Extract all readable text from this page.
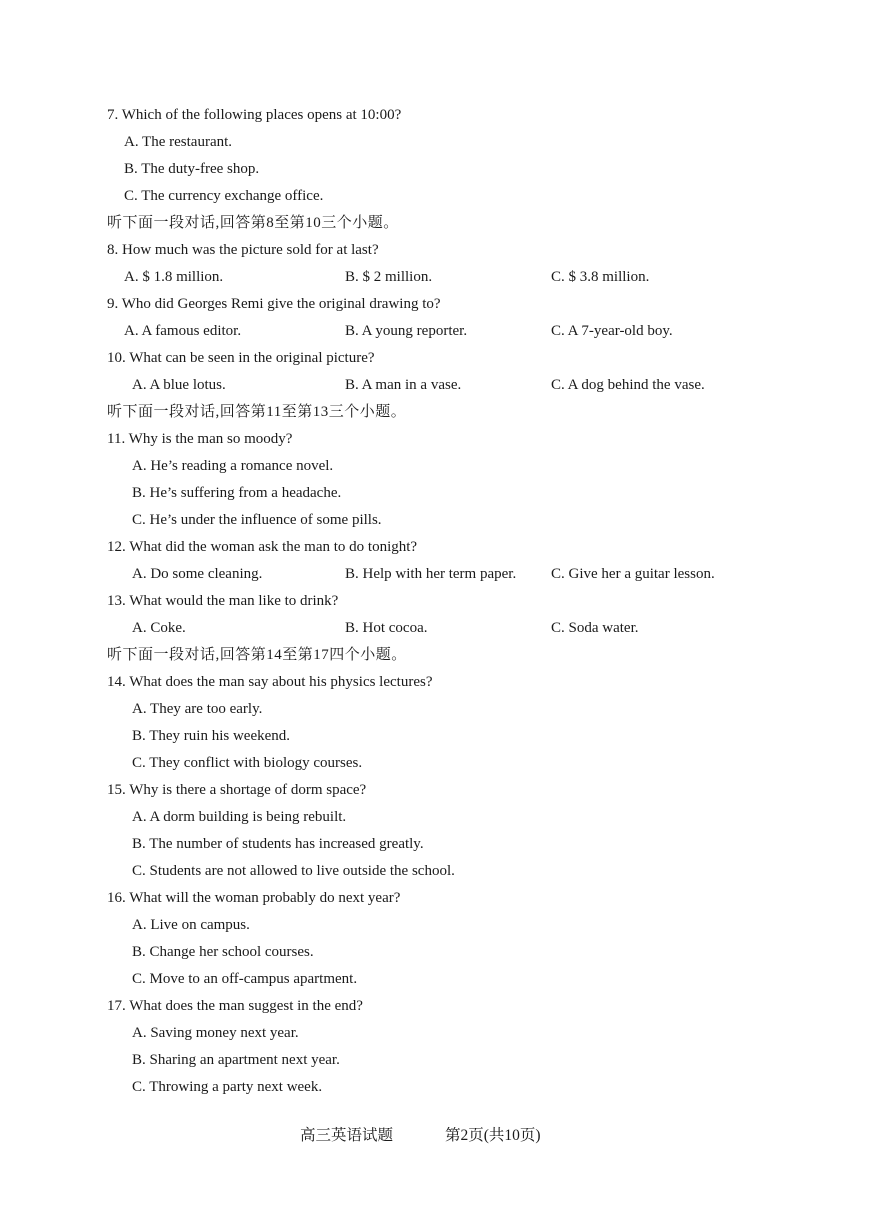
7. Which of the following places opens at 10:00?
A. The restaurant.
B. The duty-free shop.
C. The currency exchange office.
听下面一段对话,回答第8至第10三个小题。
8. How much was the picture sold for at last?
A. $ 1.8 million.	B. $ 2 million.	C. $ 3.8 million.
9. Who did Georges Remi give the original drawing to?
A. A famous editor.	B. A young reporter.	C. A 7-year-old boy.
10. What can be seen in the original picture?
A. A blue lotus.	B. A man in a vase.	C. A dog behind the vase.
听下面一段对话,回答第11至第13三个小题。
11. Why is the man so moody?
A. He’s reading a romance novel.
B. He’s suffering from a headache.
C. He’s under the influence of some pills.
12. What did the woman ask the man to do tonight?
A. Do some cleaning.	B. Help with her term paper. C. Give her a guitar lesson.
13. What would the man like to drink?
A. Coke.	B. Hot cocoa.	C. Soda water.
听下面一段对话,回答第14至第17四个小题。
14. What does the man say about his physics lectures?
A. They are too early.
B. They ruin his weekend.
C. They conflict with biology courses.
15. Why is there a shortage of dorm space?
A. A dorm building is being rebuilt.
B. The number of students has increased greatly.
C. Students are not allowed to live outside the school.
16. What will the woman probably do next year?
A. Live on campus.
B. Change her school courses.
C. Move to an off-campus apartment.
17. What does the man suggest in the end?
A. Saving money next year.
B. Sharing an apartment next year.
C. Throwing a party next week.
高三英语试题	第2页(共10页)
